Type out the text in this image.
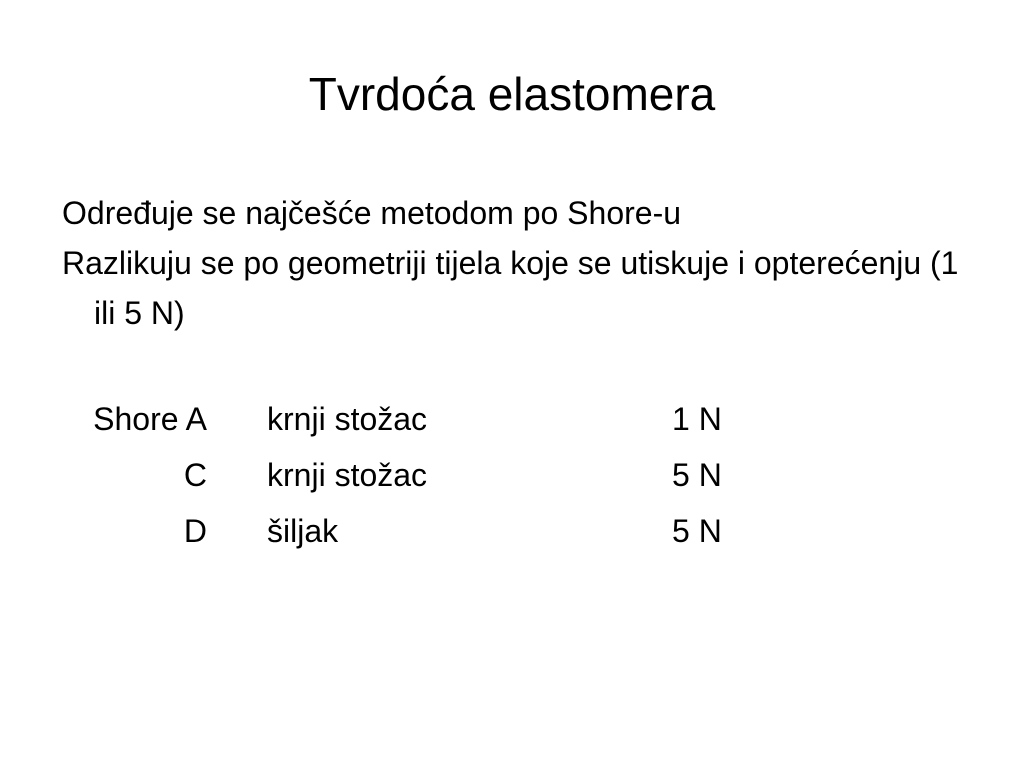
Tvrdoća elastomera

Određuje se najčešće metodom po Shore-u

Razlikuju se po geometriji tijela koje se utiskuje i opterećenju (1 ili 5 N)

Shore A krnji stožac	1 N
C krnji stožac	5 N
D šiljak	5 N
